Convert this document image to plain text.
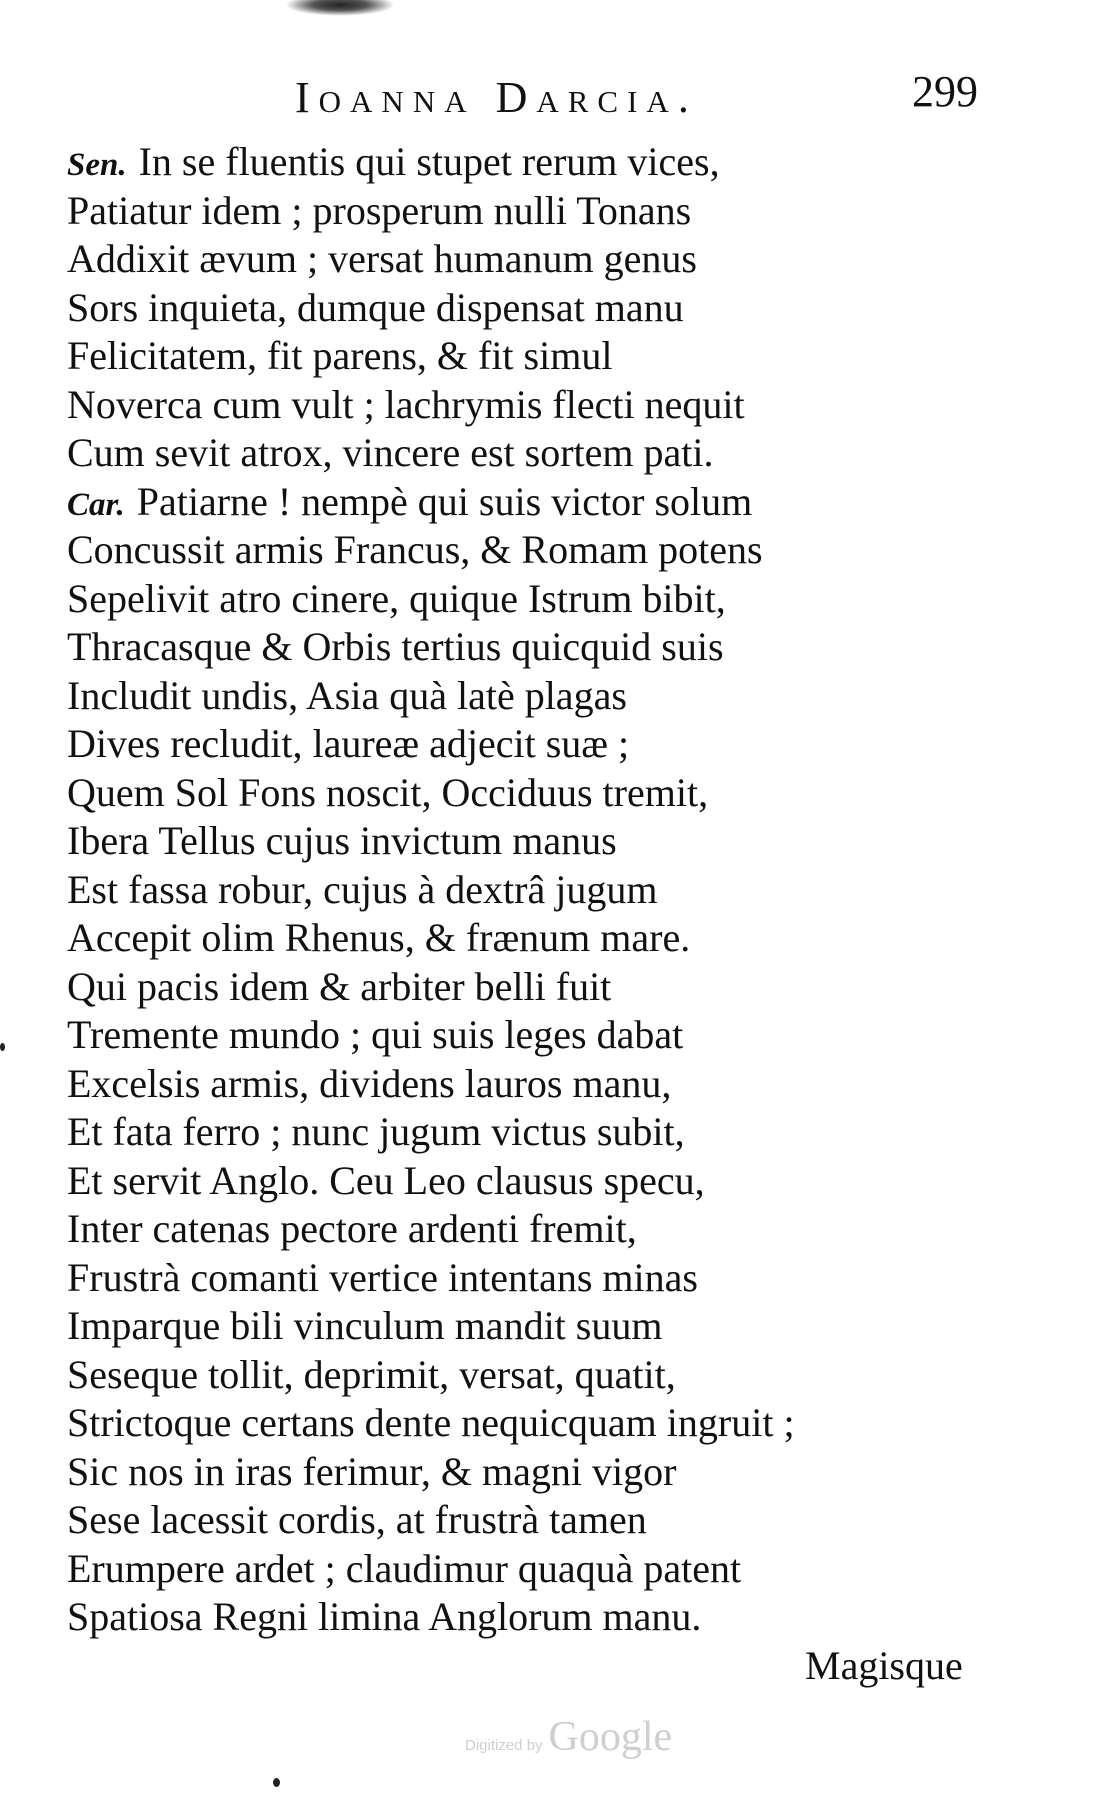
Ioanna Darcia.	299
Sen. In se fluentis qui stupet rerum vices,
Patiatur idem ; prosperum nulli Tonans
Addixit ævum ; versat humanum genus
Sors inquieta, dumque dispensat manu
Felicitatem, fit parens, & fit simul
Noverca cum vult ; lachrymis flecti nequit
Cum sevit atrox, vincere est sortem pati.
Car. Patiarne ! nempè qui suis victor solum
Concussit armis Francus, & Romam potens
Sepelivit atro cinere, quique Istrum bibit,
Thracasque & Orbis tertius quicquid suis
Includit undis, Asia quà latè plagas
Dives recludit, laureæ adjecit suæ ;
Quem Sol Fons noscit, Occiduus tremit,
Ibera Tellus cujus invictum manus
Est fassa robur, cujus à dextrâ jugum
Accepit olim Rhenus, & frænum mare.
Qui pacis idem & arbiter belli fuit
Tremente mundo ; qui suis leges dabat
Excelsis armis, dividens lauros manu,
Et fata ferro ; nunc jugum victus subit,
Et servit Anglo. Ceu Leo clausus specu,
Inter catenas pectore ardenti fremit,
Frustrà comanti vertice intentans minas
Imparque bili vinculum mandit suum
Seseque tollit, deprimit, versat, quatit,
Strictoque certans dente nequicquam ingruit ;
Sic nos in iras ferimur, & magni vigor
Sese lacessit cordis, at frustrà tamen
Erumpere ardet ; claudimur quaquà patent
Spatiosa Regni limina Anglorum manu.
Magisque
Digitized by Google
